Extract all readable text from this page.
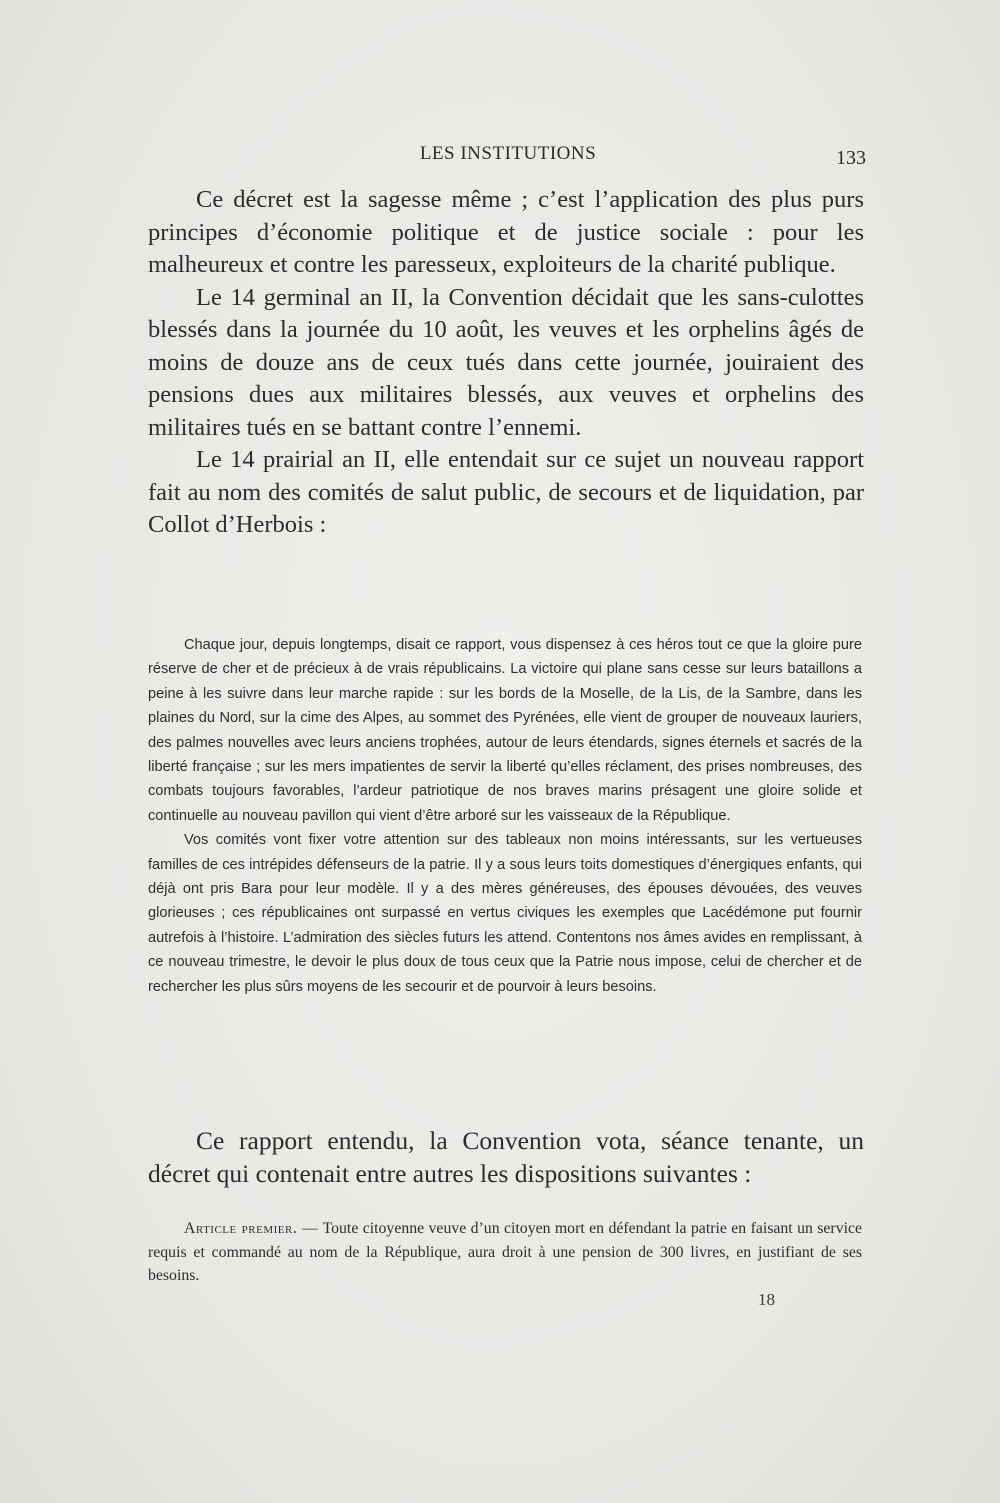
LES INSTITUTIONS	133

Ce décret est la sagesse même ; c’est l’application des plus purs principes d’économie politique et de justice sociale : pour les malheureux et contre les paresseux, exploiteurs de la charité publique.

Le 14 germinal an II, la Convention décidait que les sans-culottes blessés dans la journée du 10 août, les veuves et les orphelins âgés de moins de douze ans de ceux tués dans cette journée, jouiraient des pensions dues aux militaires blessés, aux veuves et orphelins des militaires tués en se battant contre l’ennemi.

Le 14 prairial an II, elle entendait sur ce sujet un nouveau rapport fait au nom des comités de salut public, de secours et de liquidation, par Collot d’Herbois :

Chaque jour, depuis longtemps, disait ce rapport, vous dispensez à ces héros tout ce que la gloire pure réserve de cher et de précieux à de vrais républicains. La victoire qui plane sans cesse sur leurs bataillons a peine à les suivre dans leur marche rapide : sur les bords de la Moselle, de la Lis, de la Sambre, dans les plaines du Nord, sur la cime des Alpes, au sommet des Pyrénées, elle vient de grouper de nouveaux lauriers, des palmes nouvelles avec leurs anciens trophées, autour de leurs étendards, signes éternels et sacrés de la liberté française ; sur les mers impatientes de servir la liberté qu’elles réclament, des prises nombreuses, des combats toujours favorables, l’ardeur patriotique de nos braves marins présagent une gloire solide et continuelle au nouveau pavillon qui vient d’être arboré sur les vaisseaux de la République.

Vos comités vont fixer votre attention sur des tableaux non moins intéressants, sur les vertueuses familles de ces intrépides défenseurs de la patrie. Il y a sous leurs toits domestiques d’énergiques enfants, qui déjà ont pris Bara pour leur modèle. Il y a des mères généreuses, des épouses dévouées, des veuves glorieuses ; ces républicaines ont surpassé en vertus civiques les exemples que Lacédémone put fournir autrefois à l’histoire. L’admiration des siècles futurs les attend. Contentons nos âmes avides en remplissant, à ce nouveau trimestre, le devoir le plus doux de tous ceux que la Patrie nous impose, celui de chercher et de rechercher les plus sûrs moyens de les secourir et de pourvoir à leurs besoins.

Ce rapport entendu, la Convention vota, séance tenante, un décret qui contenait entre autres les dispositions suivantes :

Article premier. — Toute citoyenne veuve d’un citoyen mort en défendant la patrie en faisant un service requis et commandé au nom de la République, aura droit à une pension de 300 livres, en justifiant de ses besoins.

18
